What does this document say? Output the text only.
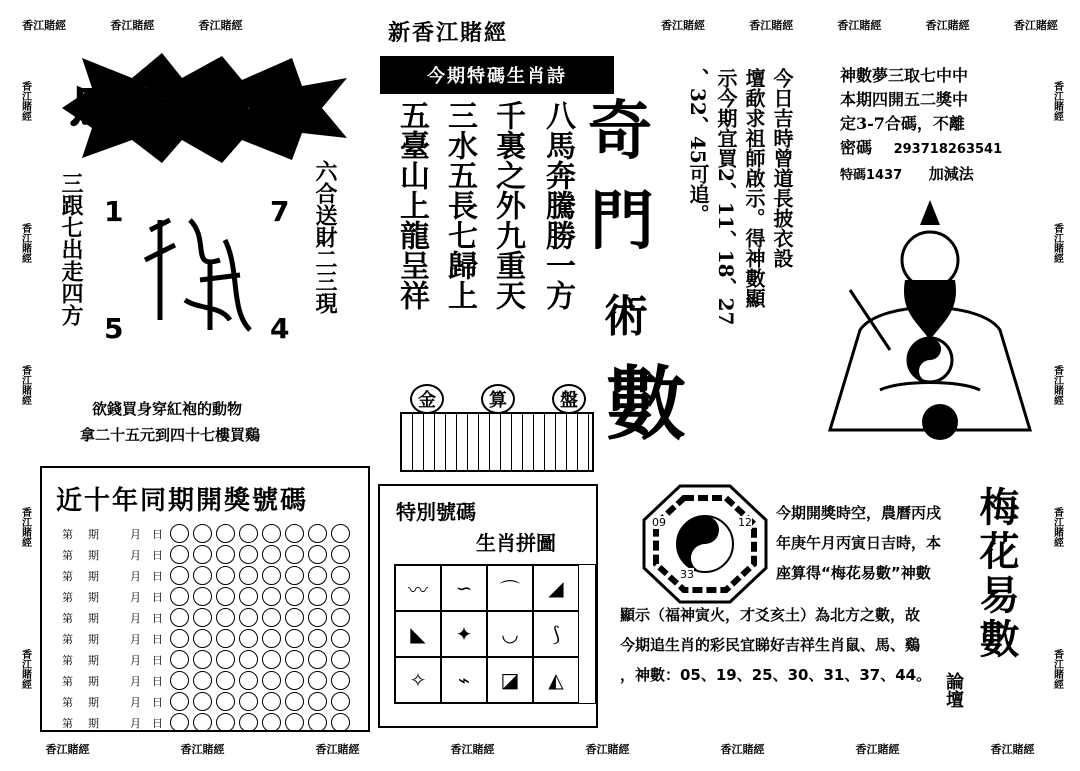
香江賭經	香江賭經	香江賭經	香江賭經	香江賭經	香江賭經	香江賭經	香江賭經
香江賭經	香江賭經	香江賭經	香江賭經	香江賭經	香江賭經	香江賭經	香江賭經
香江賭經
香江賭經
香江賭經
香江賭經
香江賭經
香江賭經
香江賭經
香江賭經
香江賭經
香江賭經
新香江賭經
今期特碼生肖詩
八馬奔騰勝一方
千裏之外九重天
三水五長七歸上
五臺山上龍呈祥
馬會傳密
三跟七出走四方	六合送財二三現
1	7
5	4
欲錢買身穿紅袍的動物
拿二十五元到四十七樓買鷄
奇
門
術
數
金	算	盤
今日吉時曾道長披衣設
壇歃求祖師啟示。得神數顯
示今期宜買2、11、18、27
、32、45可追。	神數夢三取七中中
本期四開五二獎中
定3-7合碼，不離
密碼 293718263541
特碼1437 加減法
近十年同期開獎號碼
第	期	月	日
第	期	月	日
第	期	月	日
第	期	月	日
第	期	月	日
第	期	月	日
第	期	月	日
第	期	月	日
第	期	月	日
第	期	月	日
特別號碼
生肖拼圖
〰	∽	⌒	◢
◣	✦	◡	⟆
✧	⌁	◪	◭
09	12
33
今期開獎時空，農曆丙戌
年庚午月丙寅日吉時，本
座算得“梅花易數”神數
顯示（福神寅火，才爻亥土）為北方之數，故
今期追生肖的彩民宜睇好吉祥生肖鼠、馬、鷄
，神數：05、19、25、30、31、37、44。
梅花易數
論壇
